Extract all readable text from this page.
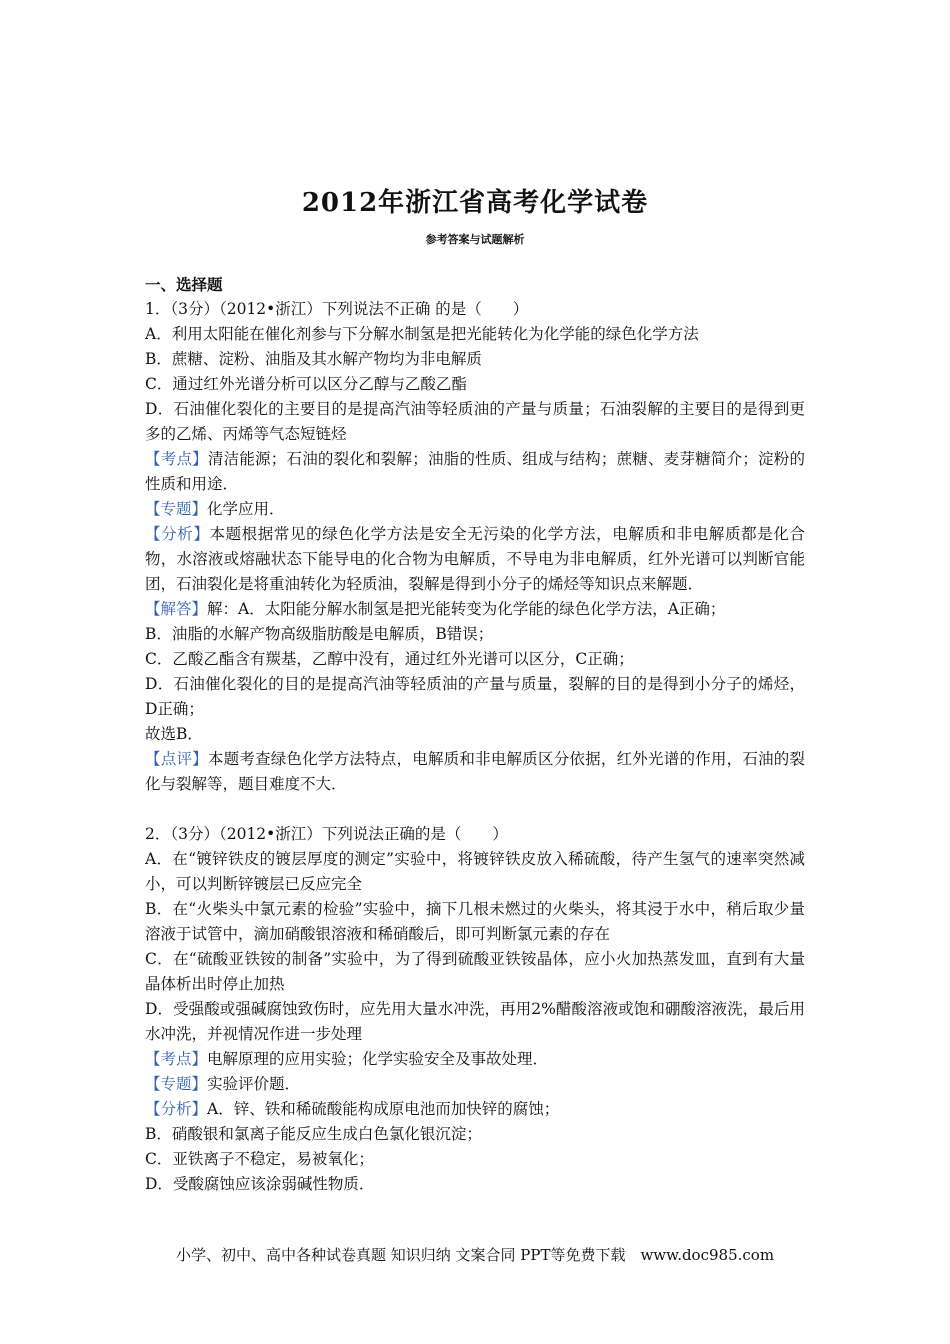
2012年浙江省高考化学试卷
参考答案与试题解析

一、选择题

1．（3分）（2012•浙江）下列说法不正确 的是（　　）

A．利用太阳能在催化剂参与下分解水制氢是把光能转化为化学能的绿色化学方法

B．蔗糖、淀粉、油脂及其水解产物均为非电解质

C．通过红外光谱分析可以区分乙醇与乙酸乙酯

D．石油催化裂化的主要目的是提高汽油等轻质油的产量与质量；石油裂解的主要目的是得到更多的乙烯、丙烯等气态短链烃

【考点】清洁能源；石油的裂化和裂解；油脂的性质、组成与结构；蔗糖、麦芽糖简介；淀粉的性质和用途．

【专题】化学应用．

【分析】本题根据常见的绿色化学方法是安全无污染的化学方法，电解质和非电解质都是化合物，水溶液或熔融状态下能导电的化合物为电解质，不导电为非电解质，红外光谱可以判断官能团，石油裂化是将重油转化为轻质油，裂解是得到小分子的烯烃等知识点来解题．

【解答】解：A．太阳能分解水制氢是把光能转变为化学能的绿色化学方法，A正确；

B．油脂的水解产物高级脂肪酸是电解质，B错误；

C．乙酸乙酯含有羰基，乙醇中没有，通过红外光谱可以区分，C正确；

D．石油催化裂化的目的是提高汽油等轻质油的产量与质量，裂解的目的是得到小分子的烯烃，D正确；

故选B．

【点评】本题考查绿色化学方法特点，电解质和非电解质区分依据，红外光谱的作用，石油的裂化与裂解等，题目难度不大．

2．（3分）（2012•浙江）下列说法正确的是（　　）

A．在“镀锌铁皮的镀层厚度的测定”实验中，将镀锌铁皮放入稀硫酸，待产生氢气的速率突然减小，可以判断锌镀层已反应完全

B．在“火柴头中氯元素的检验”实验中，摘下几根未燃过的火柴头，将其浸于水中，稍后取少量溶液于试管中，滴加硝酸银溶液和稀硝酸后，即可判断氯元素的存在

C．在“硫酸亚铁铵的制备”实验中，为了得到硫酸亚铁铵晶体，应小火加热蒸发皿，直到有大量晶体析出时停止加热

D．受强酸或强碱腐蚀致伤时，应先用大量水冲洗，再用2%醋酸溶液或饱和硼酸溶液洗，最后用水冲洗，并视情况作进一步处理

【考点】电解原理的应用实验；化学实验安全及事故处理．

【专题】实验评价题．

【分析】A．锌、铁和稀硫酸能构成原电池而加快锌的腐蚀；

B．硝酸银和氯离子能反应生成白色氯化银沉淀；

C．亚铁离子不稳定，易被氧化；

D．受酸腐蚀应该涂弱碱性物质．

小学、初中、高中各种试卷真题 知识归纳 文案合同 PPT等免费下载　www.doc985.com
